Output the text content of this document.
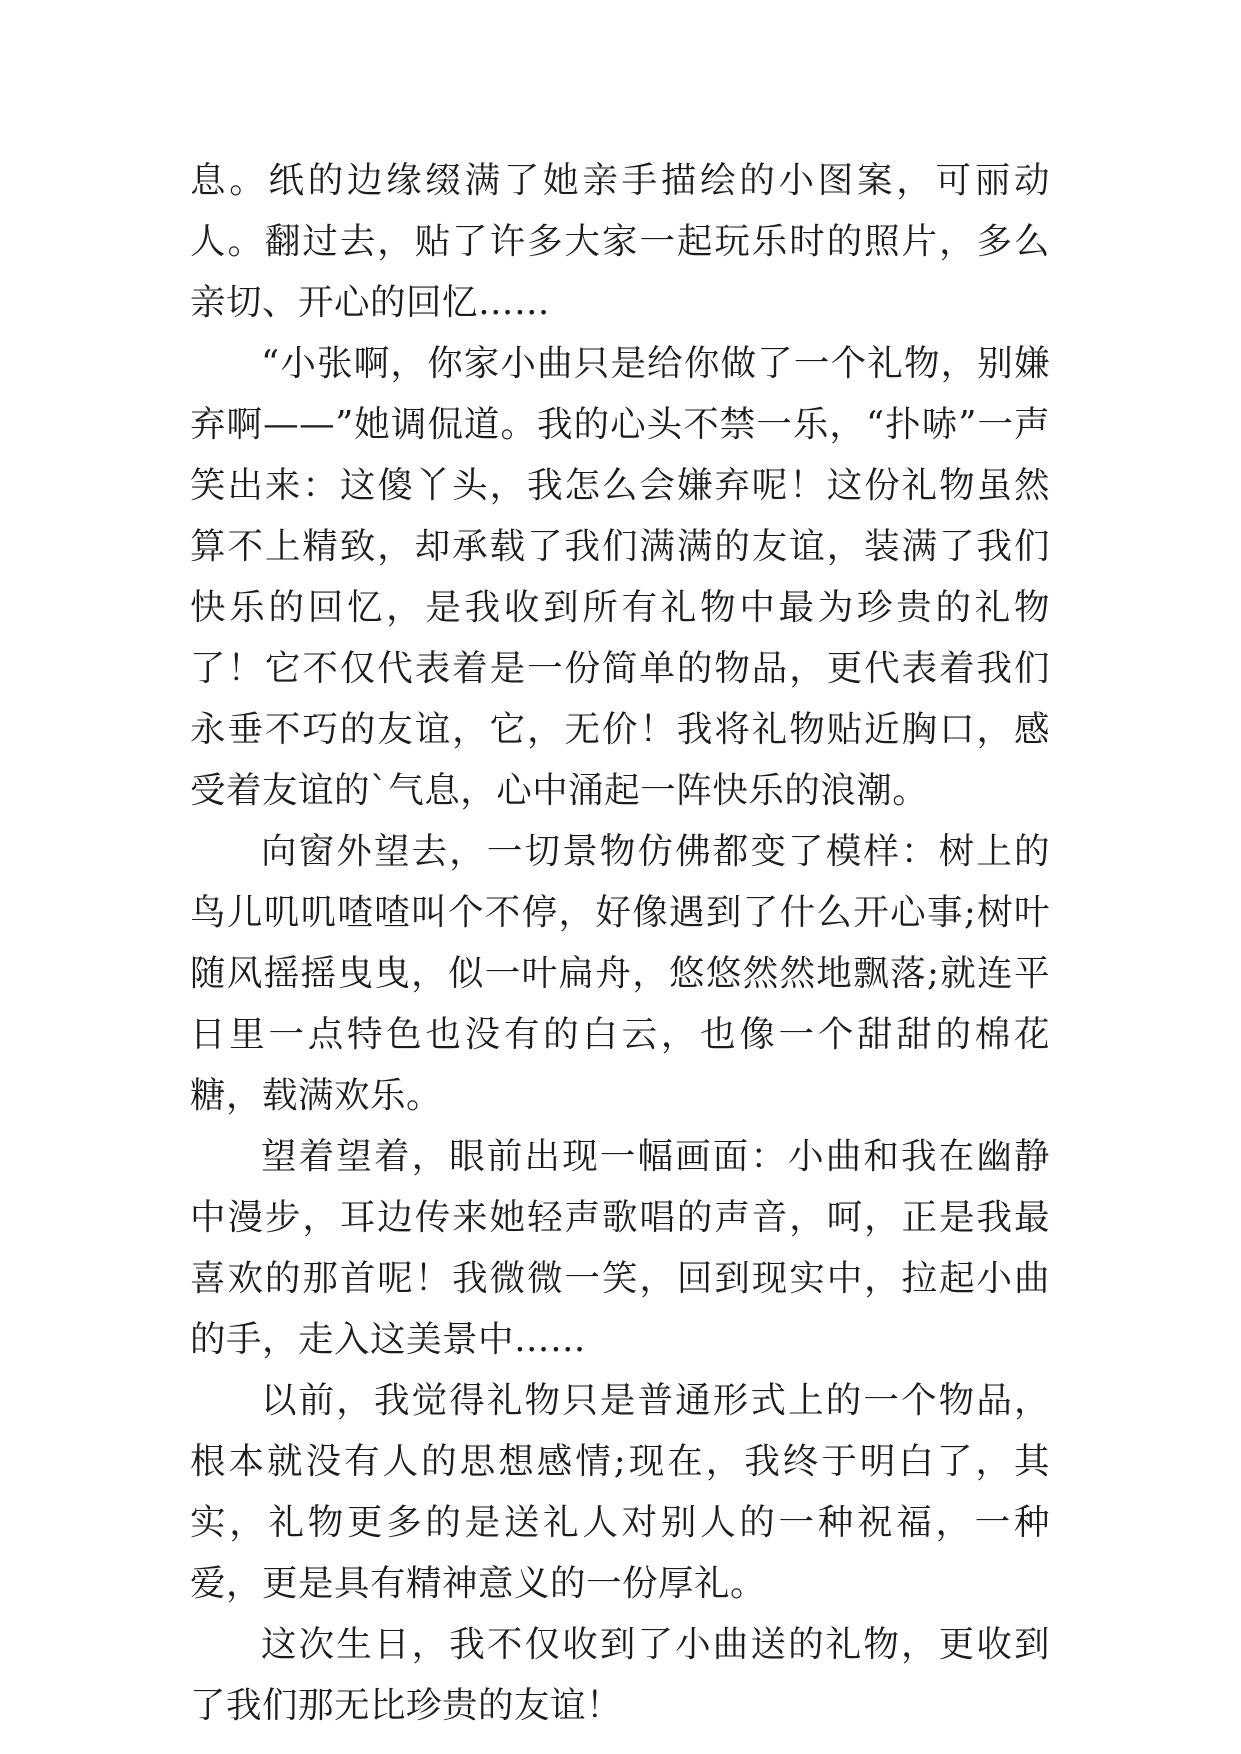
息。纸的边缘缀满了她亲手描绘的小图案，可丽动人。翻过去，贴了许多大家一起玩乐时的照片，多么亲切、开心的回忆……

“小张啊，你家小曲只是给你做了一个礼物，别嫌弃啊——”她调侃道。我的心头不禁一乐，“扑哧”一声笑出来：这傻丫头，我怎么会嫌弃呢！这份礼物虽然算不上精致，却承载了我们满满的友谊，装满了我们快乐的回忆，是我收到所有礼物中最为珍贵的礼物了！它不仅代表着是一份简单的物品，更代表着我们永垂不巧的友谊，它，无价！我将礼物贴近胸口，感受着友谊的`气息，心中涌起一阵快乐的浪潮。

向窗外望去，一切景物仿佛都变了模样：树上的鸟儿叽叽喳喳叫个不停，好像遇到了什么开心事;树叶随风摇摇曳曳，似一叶扁舟，悠悠然然地飘落;就连平日里一点特色也没有的白云，也像一个甜甜的棉花糖，载满欢乐。

望着望着，眼前出现一幅画面：小曲和我在幽静中漫步，耳边传来她轻声歌唱的声音，呵，正是我最喜欢的那首呢！我微微一笑，回到现实中，拉起小曲的手，走入这美景中……

以前，我觉得礼物只是普通形式上的一个物品，根本就没有人的思想感情;现在，我终于明白了，其实，礼物更多的是送礼人对别人的一种祝福，一种爱，更是具有精神意义的一份厚礼。

这次生日，我不仅收到了小曲送的礼物，更收到了我们那无比珍贵的友谊！
